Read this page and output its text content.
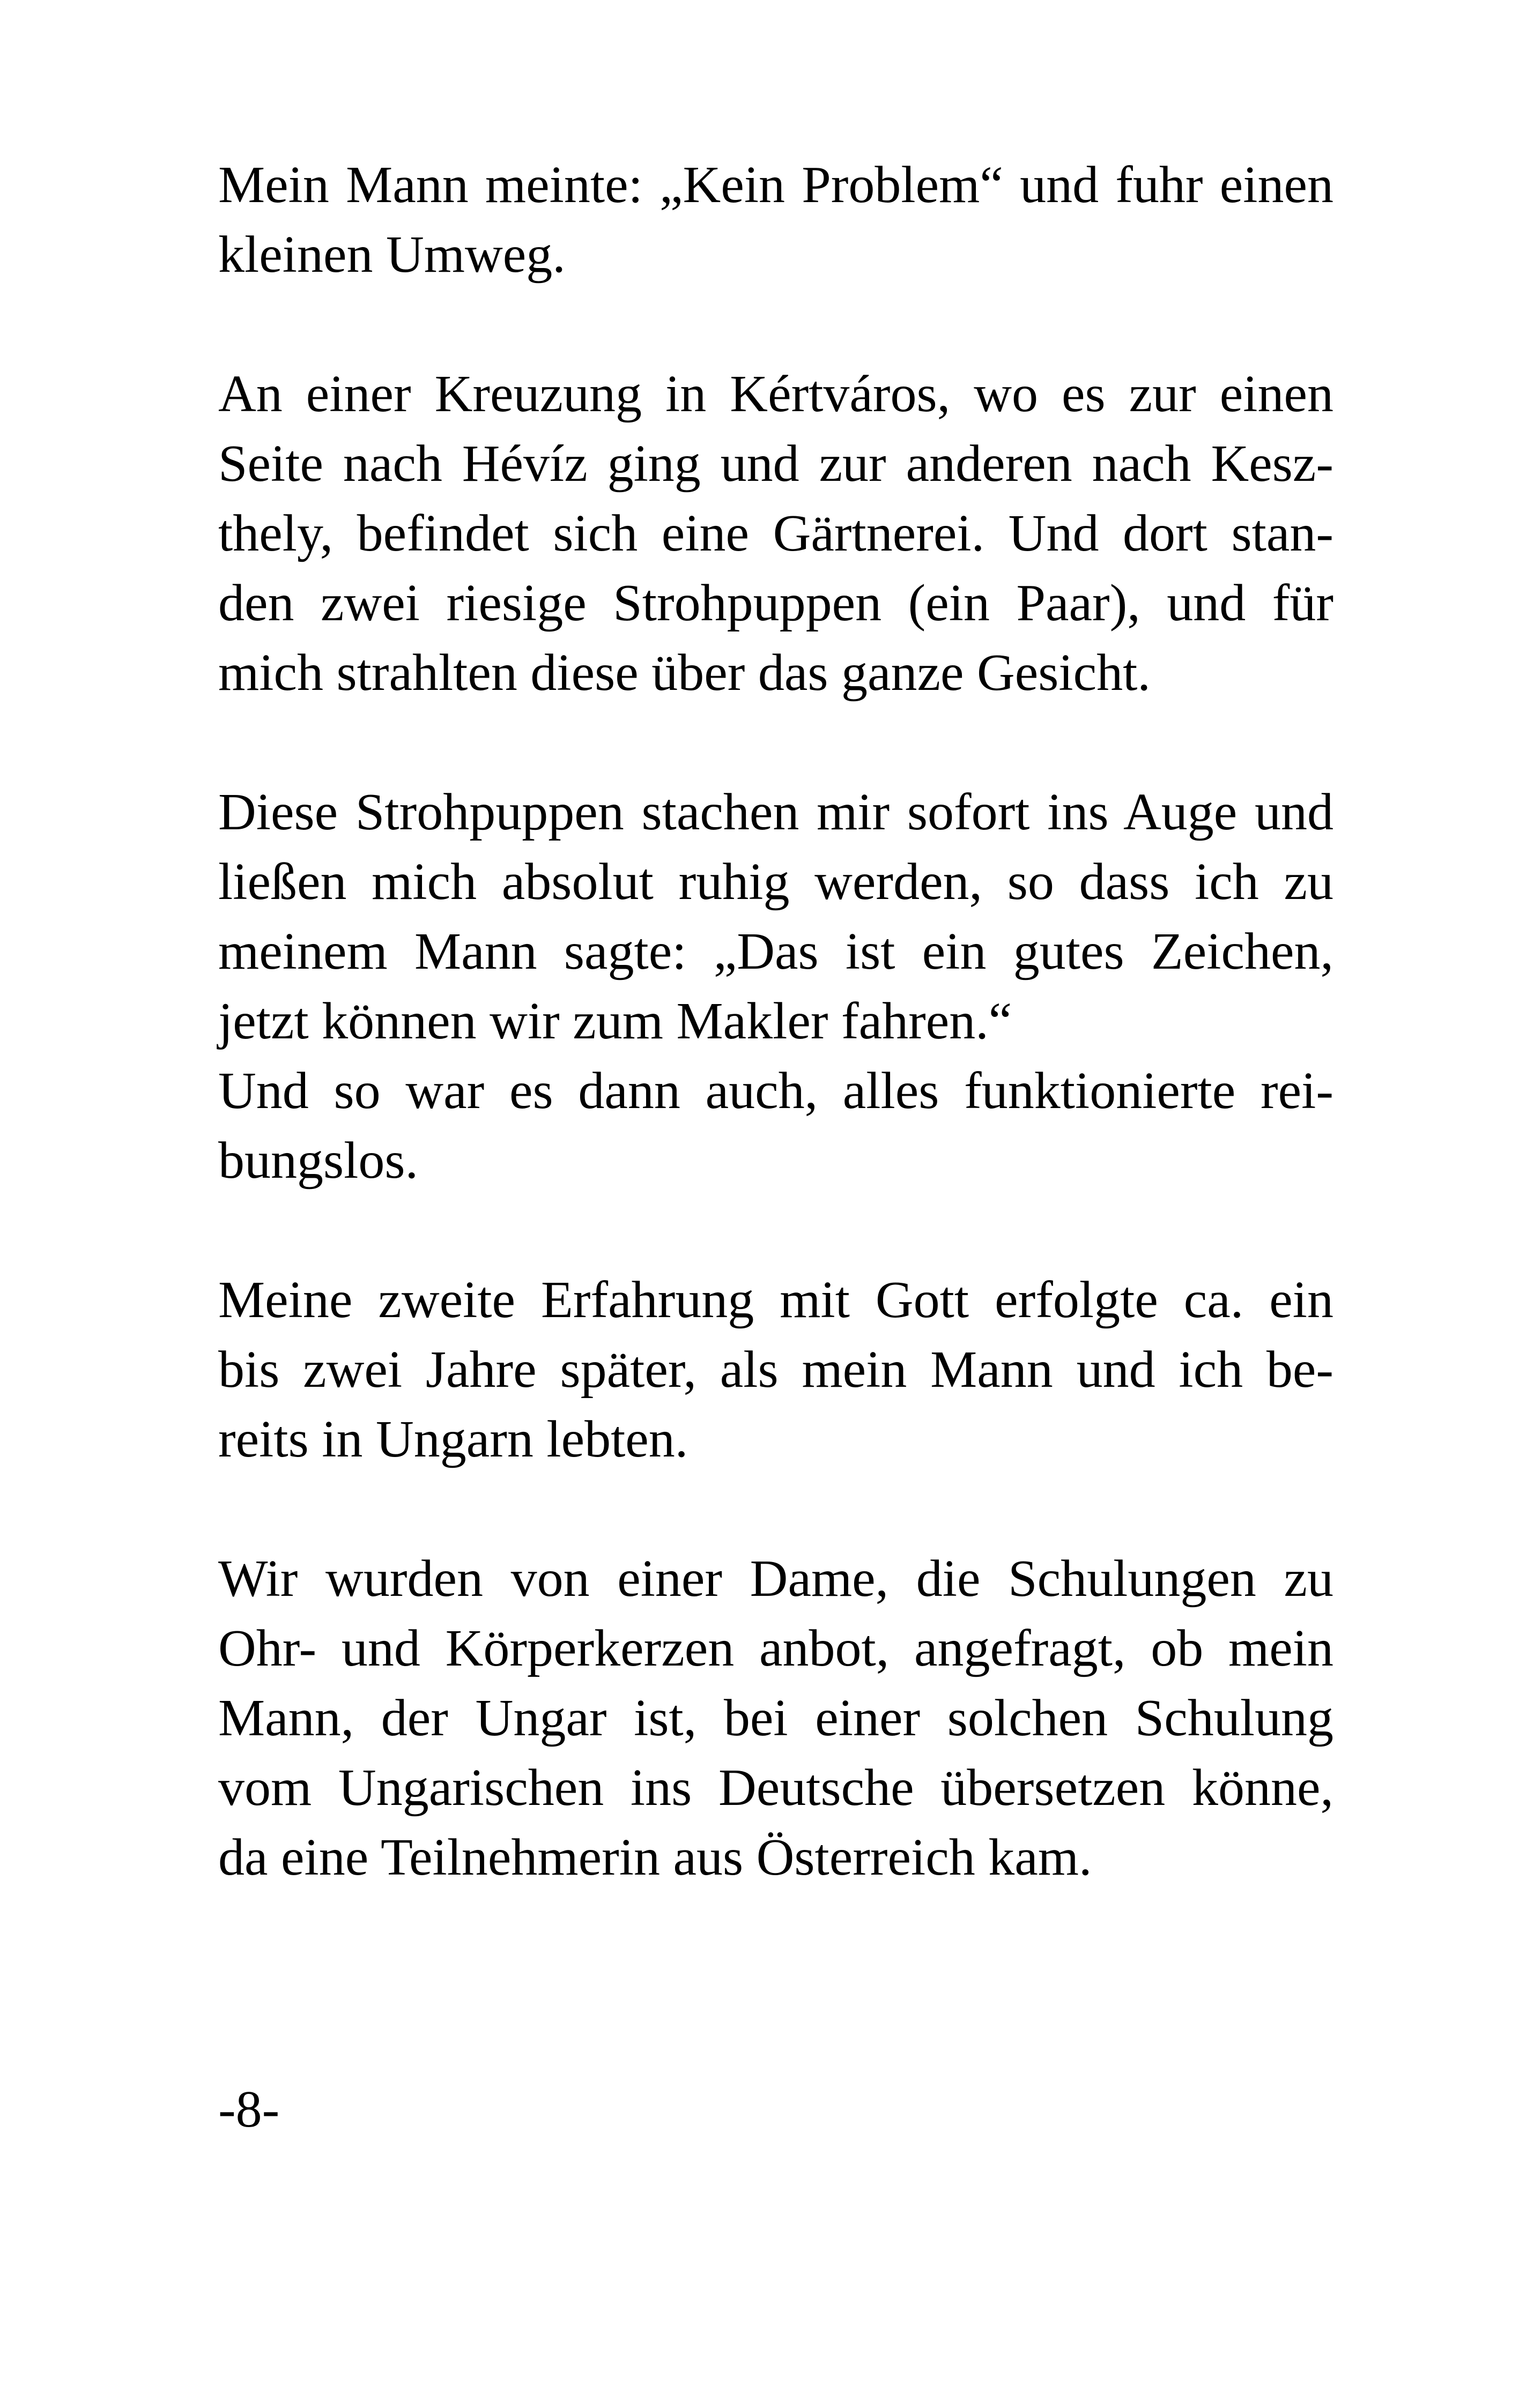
Mein Mann meinte: „Kein Problem“ und fuhr einen
kleinen Umweg.

An einer Kreuzung in Kértváros, wo es zur einen
Seite nach Hévíz ging und zur anderen nach Kesz-
thely, befindet sich eine Gärtnerei. Und dort stan-
den zwei riesige Strohpuppen (ein Paar), und für
mich strahlten diese über das ganze Gesicht.

Diese Strohpuppen stachen mir sofort ins Auge und
ließen mich absolut ruhig werden, so dass ich zu
meinem Mann sagte: „Das ist ein gutes Zeichen,
jetzt können wir zum Makler fahren.“

Und so war es dann auch, alles funktionierte rei-
bungslos.

Meine zweite Erfahrung mit Gott erfolgte ca. ein
bis zwei Jahre später, als mein Mann und ich be-
reits in Ungarn lebten.

Wir wurden von einer Dame, die Schulungen zu
Ohr- und Körperkerzen anbot, angefragt, ob mein
Mann, der Ungar ist, bei einer solchen Schulung
vom Ungarischen ins Deutsche übersetzen könne,
da eine Teilnehmerin aus Österreich kam.

-8-
